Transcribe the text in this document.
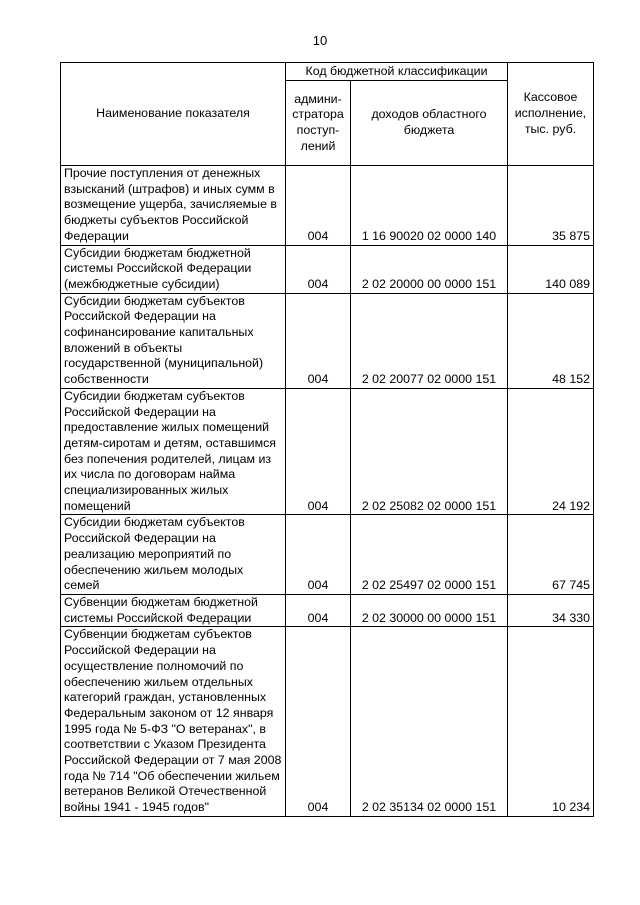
10
Наименование показателя	Код бюджетной классификации		Кассовое исполнение, тыс. руб.
	админи-стратора поступ-лений	доходов областного бюджета	
Прочие поступления от денежных взысканий (штрафов) и иных сумм в возмещение ущерба, зачисляемые в бюджеты субъектов Российской Федерации	004	1 16 90020 02 0000 140	35 875
Субсидии бюджетам бюджетной системы Российской Федерации (межбюджетные субсидии)	004	2 02 20000 00 0000 151	140 089
Субсидии бюджетам субъектов Российской Федерации на софинансирование капитальных вложений в объекты государственной (муниципальной) собственности	004	2 02 20077 02 0000 151	48 152
Субсидии бюджетам субъектов Российской Федерации на предоставление жилых помещений детям-сиротам и детям, оставшимся без попечения родителей, лицам из их числа по договорам найма специализированных жилых помещений	004	2 02 25082 02 0000 151	24 192
Субсидии бюджетам субъектов Российской Федерации на реализацию мероприятий по обеспечению жильем молодых семей	004	2 02 25497 02 0000 151	67 745
Субвенции бюджетам бюджетной системы Российской Федерации	004	2 02 30000 00 0000 151	34 330
Субвенции бюджетам субъектов Российской Федерации на осуществление полномочий по обеспечению жильем отдельных категорий граждан, установленных Федеральным законом от 12 января 1995 года № 5-ФЗ "О ветеранах", в соответствии с Указом Президента Российской Федерации от 7 мая 2008 года № 714 "Об обеспечении жильем ветеранов Великой Отечественной войны 1941 - 1945 годов"	004	2 02 35134 02 0000 151	10 234
